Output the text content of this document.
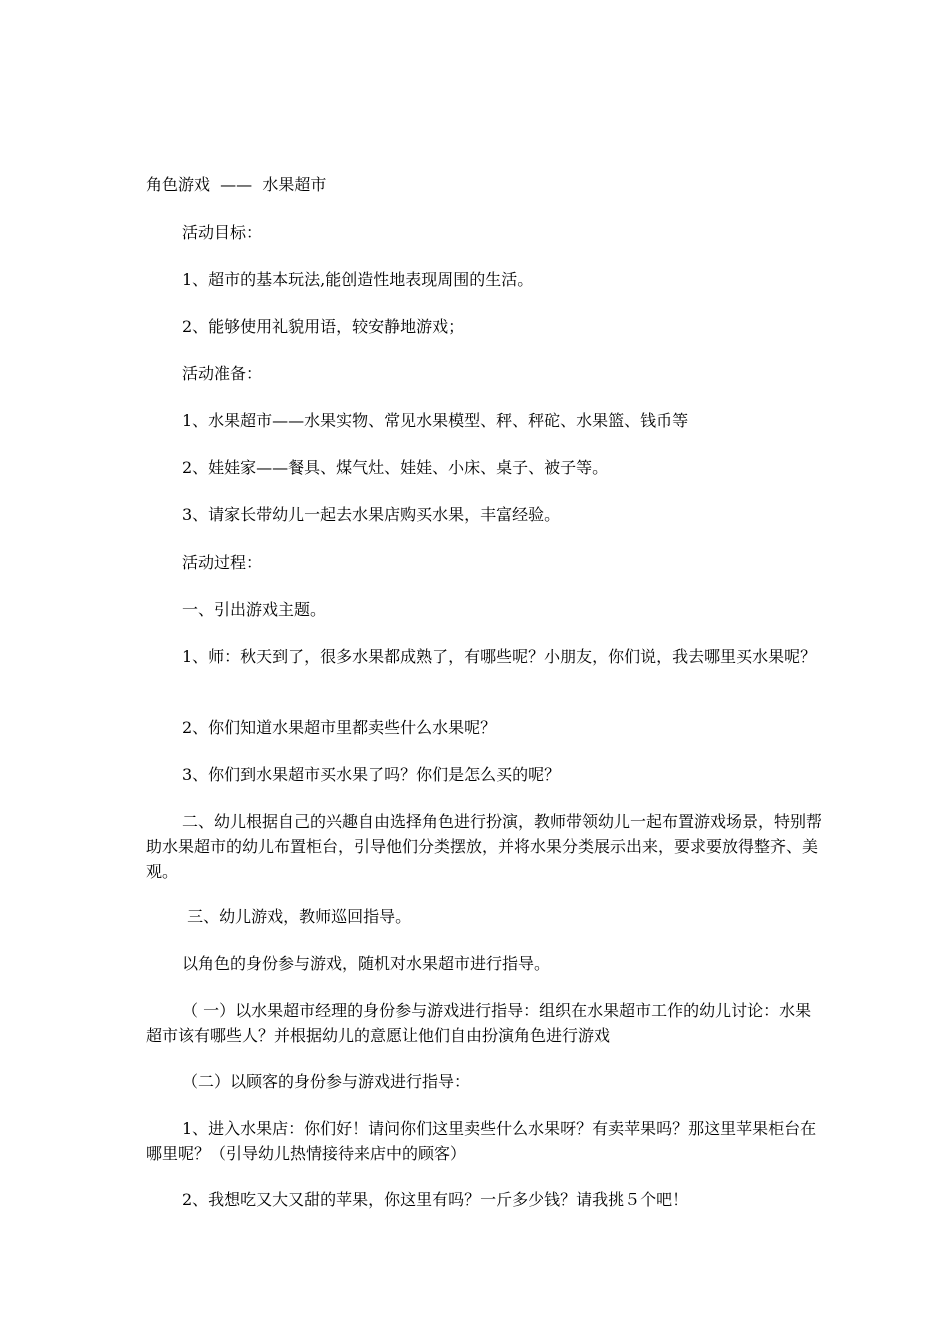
角色游戏  ——  水果超市

活动目标：

1、超市的基本玩法,能创造性地表现周围的生活。

2、能够使用礼貌用语，较安静地游戏；

活动准备：

1、水果超市——水果实物、常见水果模型、秤、秤砣、水果篮、钱币等

2、娃娃家——餐具、煤气灶、娃娃、小床、桌子、被子等。

3、请家长带幼儿一起去水果店购买水果，丰富经验。

活动过程：

一、引出游戏主题。

1、师：秋天到了，很多水果都成熟了，有哪些呢？小朋友，你们说，我去哪里买水果呢？

2、你们知道水果超市里都卖些什么水果呢？

3、你们到水果超市买水果了吗？你们是怎么买的呢？

二、幼儿根据自己的兴趣自由选择角色进行扮演，教师带领幼儿一起布置游戏场景，特别帮助水果超市的幼儿布置柜台，引导他们分类摆放，并将水果分类展示出来，要求要放得整齐、美观。

三、幼儿游戏，教师巡回指导。

以角色的身份参与游戏，随机对水果超市进行指导。

（ 一）以水果超市经理的身份参与游戏进行指导：组织在水果超市工作的幼儿讨论：水果超市该有哪些人？并根据幼儿的意愿让他们自由扮演角色进行游戏

（二）以顾客的身份参与游戏进行指导：

1、进入水果店：你们好！请问你们这里卖些什么水果呀？有卖苹果吗？那这里苹果柜台在哪里呢？（引导幼儿热情接待来店中的顾客）

2、我想吃又大又甜的苹果，你这里有吗？一斤多少钱？请我挑５个吧！
